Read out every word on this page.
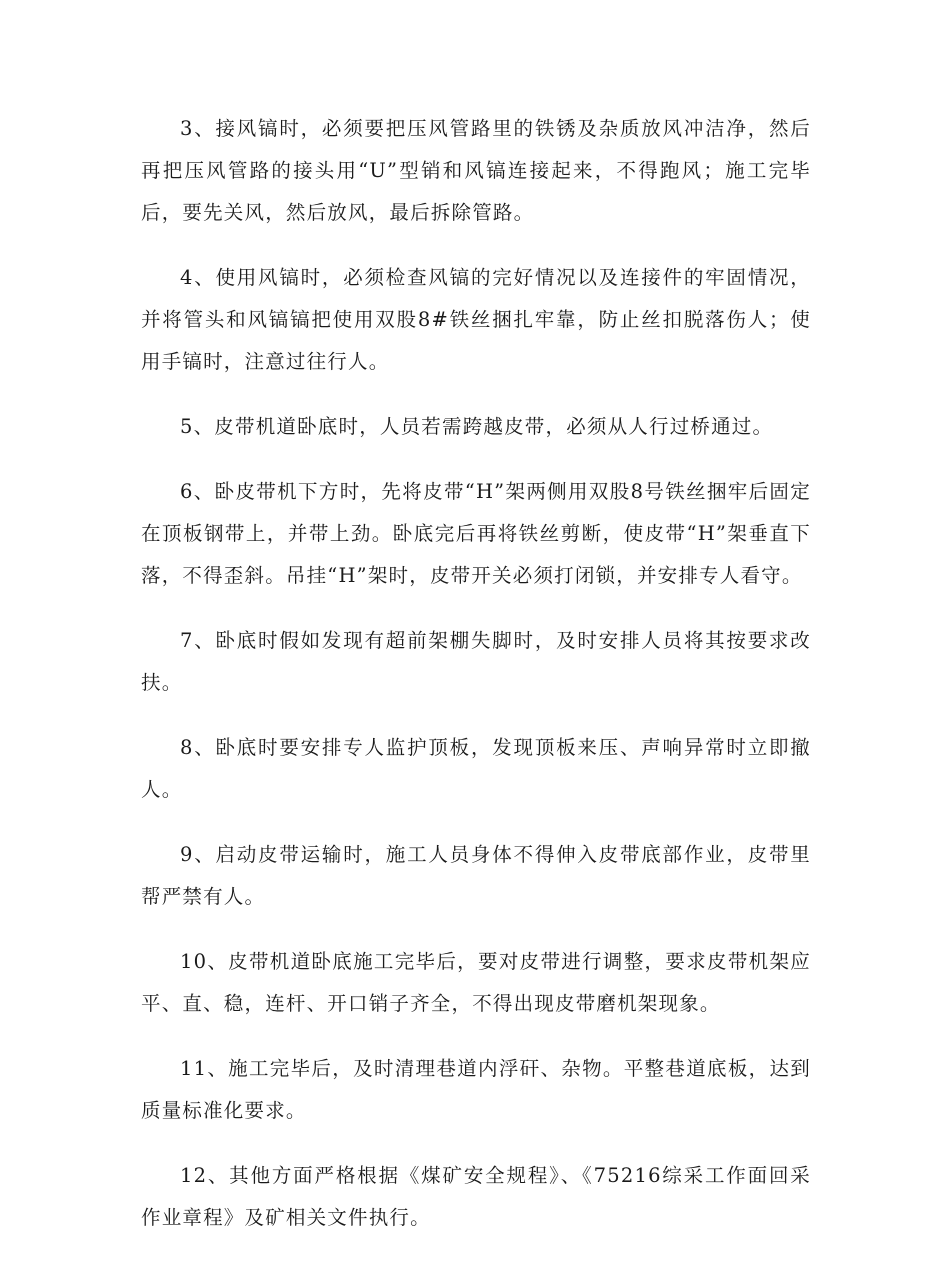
3、接风镐时，必须要把压风管路里的铁锈及杂质放风冲洁净，然后再把压风管路的接头用“U”型销和风镐连接起来，不得跑风；施工完毕后，要先关风，然后放风，最后拆除管路。

4、使用风镐时，必须检查风镐的完好情况以及连接件的牢固情况，并将管头和风镐镐把使用双股8#铁丝捆扎牢靠，防止丝扣脱落伤人；使用手镐时，注意过往行人。

5、皮带机道卧底时，人员若需跨越皮带，必须从人行过桥通过。

6、卧皮带机下方时，先将皮带“H”架两侧用双股8号铁丝捆牢后固定在顶板钢带上，并带上劲。卧底完后再将铁丝剪断，使皮带“H”架垂直下落，不得歪斜。吊挂“H”架时，皮带开关必须打闭锁，并安排专人看守。

7、卧底时假如发现有超前架棚失脚时，及时安排人员将其按要求改扶。

8、卧底时要安排专人监护顶板，发现顶板来压、声响异常时立即撤人。

9、启动皮带运输时，施工人员身体不得伸入皮带底部作业，皮带里帮严禁有人。

10、皮带机道卧底施工完毕后，要对皮带进行调整，要求皮带机架应平、直、稳，连杆、开口销子齐全，不得出现皮带磨机架现象。

11、施工完毕后，及时清理巷道内浮矸、杂物。平整巷道底板，达到质量标准化要求。

12、其他方面严格根据《煤矿安全规程》、《75216综采工作面回采作业章程》及矿相关文件执行。
